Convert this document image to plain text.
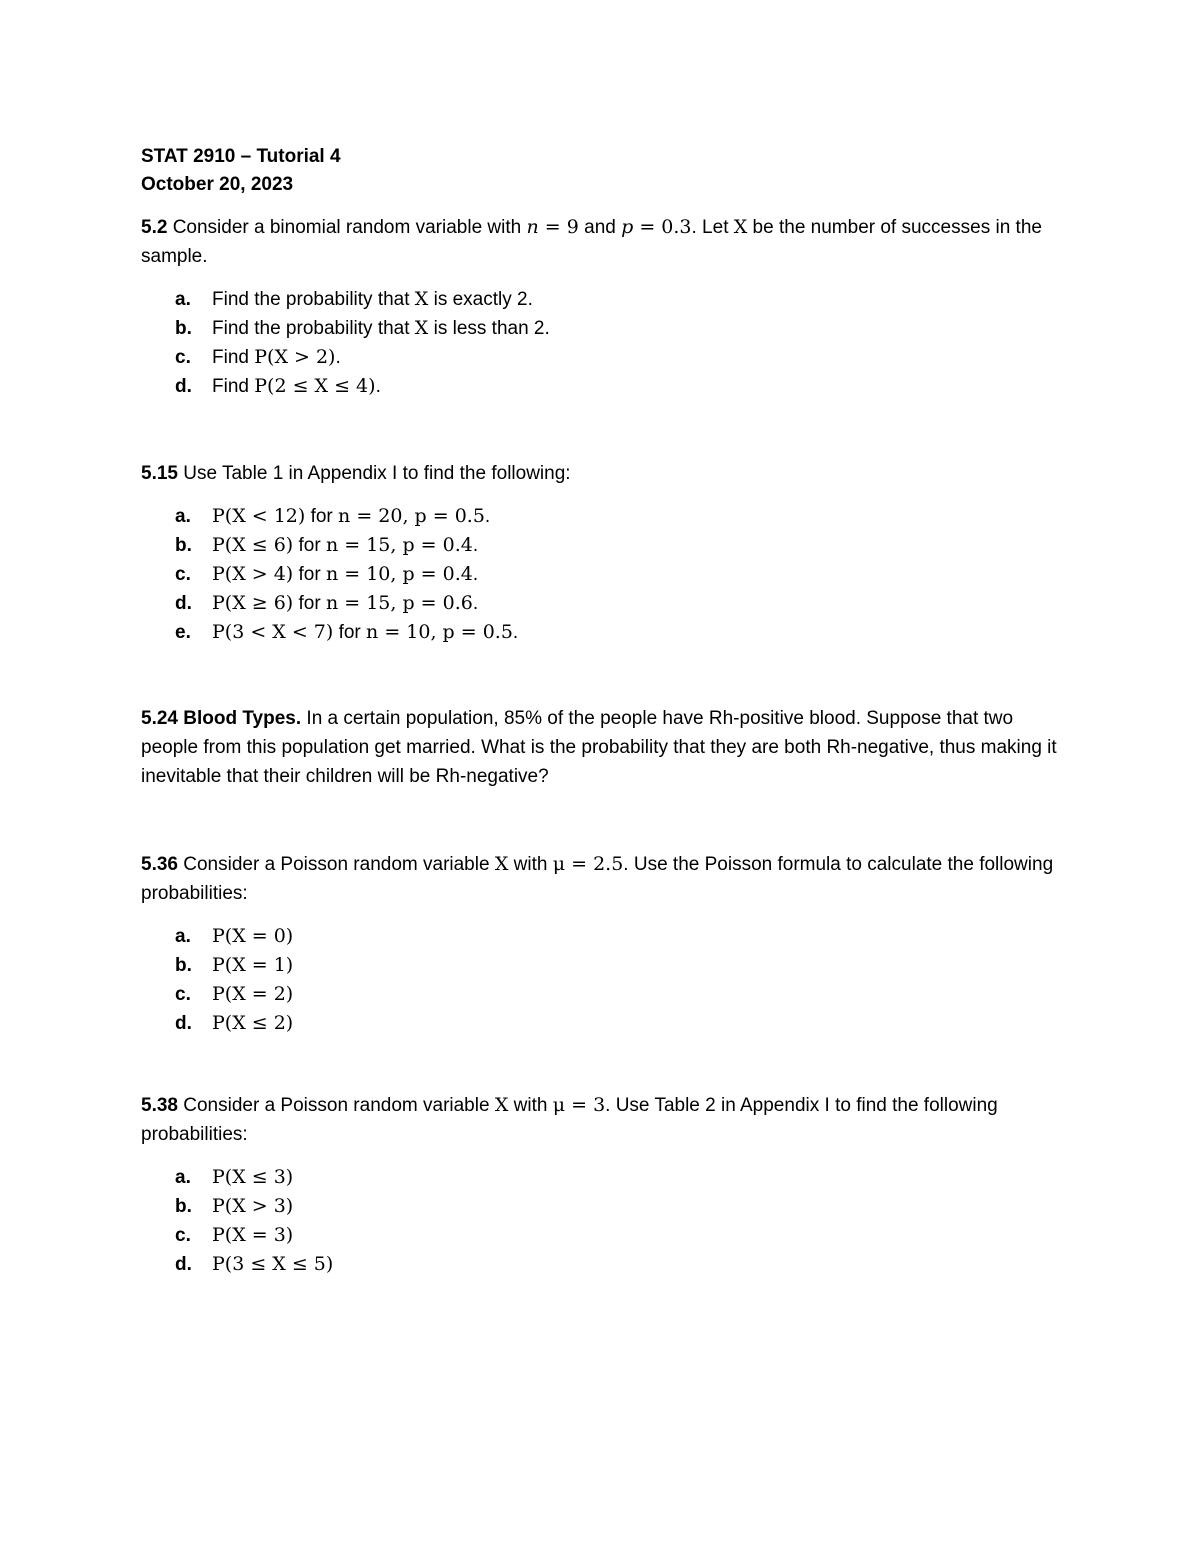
STAT 2910 – Tutorial 4
October 20, 2023
5.2 Consider a binomial random variable with n = 9 and p = 0.3. Let X be the number of successes in the sample.
a. Find the probability that X is exactly 2.
b. Find the probability that X is less than 2.
c. Find P(X > 2).
d. Find P(2 ≤ X ≤ 4).
5.15 Use Table 1 in Appendix I to find the following:
a. P(X < 12) for n = 20, p = 0.5.
b. P(X ≤ 6) for n = 15, p = 0.4.
c. P(X > 4) for n = 10, p = 0.4.
d. P(X ≥ 6) for n = 15, p = 0.6.
e. P(3 < X < 7) for n = 10, p = 0.5.
5.24 Blood Types. In a certain population, 85% of the people have Rh-positive blood. Suppose that two people from this population get married. What is the probability that they are both Rh-negative, thus making it inevitable that their children will be Rh-negative?
5.36 Consider a Poisson random variable X with μ = 2.5. Use the Poisson formula to calculate the following probabilities:
a. P(X = 0)
b. P(X = 1)
c. P(X = 2)
d. P(X ≤ 2)
5.38 Consider a Poisson random variable X with μ = 3. Use Table 2 in Appendix I to find the following probabilities:
a. P(X ≤ 3)
b. P(X > 3)
c. P(X = 3)
d. P(3 ≤ X ≤ 5)
